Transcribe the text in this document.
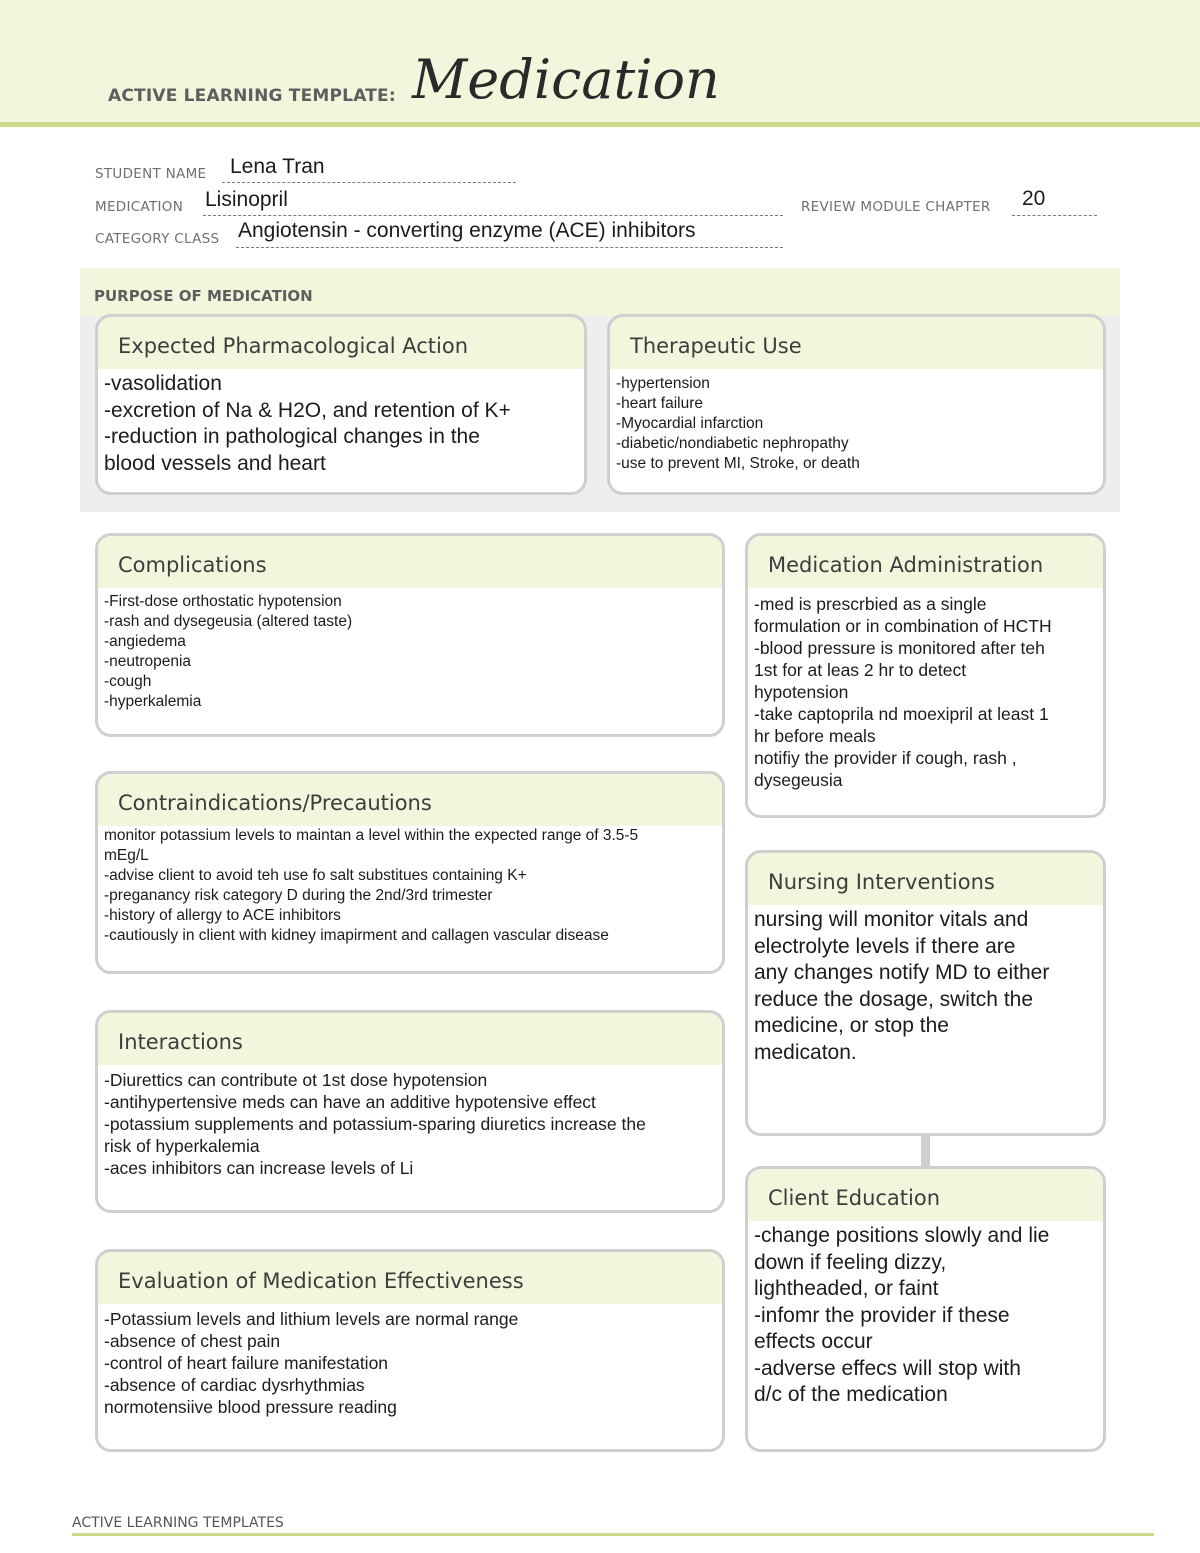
ACTIVE LEARNING TEMPLATE: Medication
STUDENT NAME Lena Tran
MEDICATION Lisinopril	REVIEW MODULE CHAPTER 20
CATEGORY CLASS Angiotensin - converting enzyme (ACE) inhibitors
PURPOSE OF MEDICATION
Expected Pharmacological Action
-vasolidation
-excretion of Na & H2O, and retention of K+
-reduction in pathological changes in the
blood vessels and heart
Therapeutic Use
-hypertension
-heart failure
-Myocardial infarction
-diabetic/nondiabetic nephropathy
-use to prevent MI, Stroke, or death
Complications
-First-dose orthostatic hypotension
-rash and dysegeusia (altered taste)
-angiedema
-neutropenia
-cough
-hyperkalemia
Medication Administration
-med is prescrbied as a single
formulation or in combination of HCTH
-blood pressure is monitored after teh
1st for at leas 2 hr to detect
hypotension
-take captoprila nd moexipril at least 1
hr before meals
notifiy the provider if cough, rash ,
dysegeusia
Contraindications/Precautions
monitor potassium levels to maintan a level within the expected range of 3.5-5
mEg/L
-advise client to avoid teh use fo salt substitues containing K+
-preganancy risk category D during the 2nd/3rd trimester
-history of allergy to ACE inhibitors
-cautiously in client with kidney imapirment and callagen vascular disease
Nursing Interventions
nursing will monitor vitals and
electrolyte levels if there are
any changes notify MD to either
reduce the dosage, switch the
medicine, or stop the
medicaton.
Interactions
-Diurettics can contribute ot 1st dose hypotension
-antihypertensive meds can have an additive hypotensive effect
-potassium supplements and potassium-sparing diuretics increase the
risk of hyperkalemia
-aces inhibitors can increase levels of Li
Client Education
-change positions slowly and lie
down if feeling dizzy,
lightheaded, or faint
-infomr the provider if these
effects occur
-adverse effecs will stop with
d/c of the medication
Evaluation of Medication Effectiveness
-Potassium levels and lithium levels are normal range
-absence of chest pain
-control of heart failure manifestation
-absence of cardiac dysrhythmias
normotensiive blood pressure reading
ACTIVE LEARNING TEMPLATES
